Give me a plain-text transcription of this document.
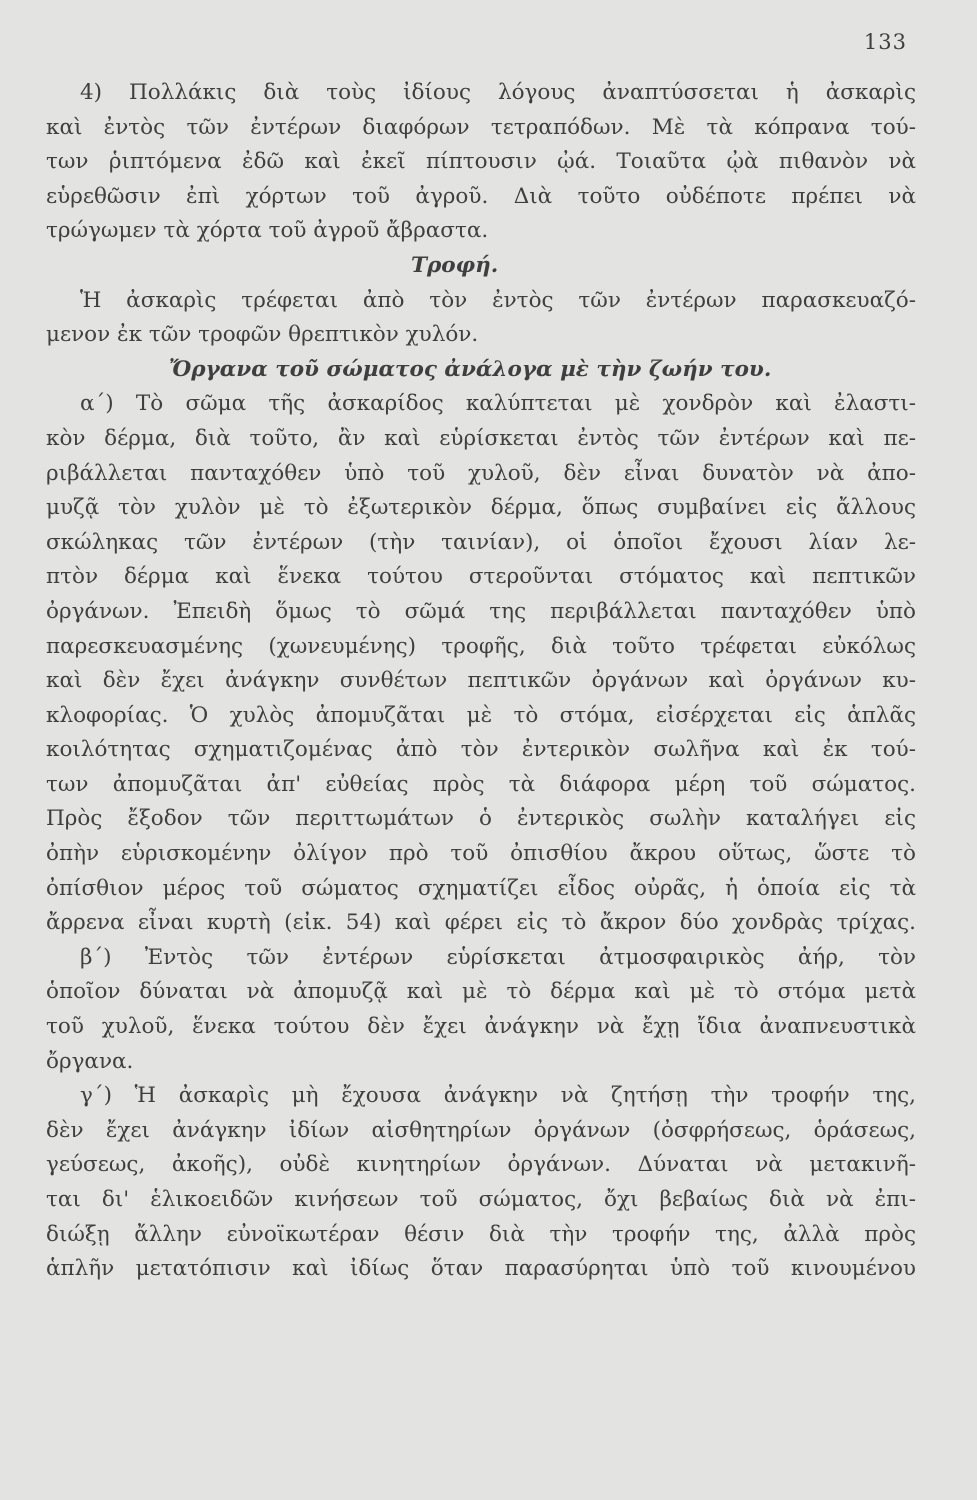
133
4) Πολλάκις διὰ τοὺς ἰδίους λόγους ἀναπτύσσεται ἡ ἀσκαρὶς
καὶ ἐντὸς τῶν ἐντέρων διαφόρων τετραπόδων. Μὲ τὰ κόπρανα τού-
των ῥιπτόμενα ἐδῶ καὶ ἐκεῖ πίπτουσιν ᾠά. Τοιαῦτα ᾠὰ πιθανὸν νὰ
εὑρεθῶσιν ἐπὶ χόρτων τοῦ ἀγροῦ. Διὰ τοῦτο οὐδέποτε πρέπει νὰ
τρώγωμεν τὰ χόρτα τοῦ ἀγροῦ ἄβραστα.
Τροφή.
Ἡ ἀσκαρὶς τρέφεται ἀπὸ τὸν ἐντὸς τῶν ἐντέρων παρασκευαζό-
μενον ἐκ τῶν τροφῶν θρεπτικὸν χυλόν.
Ὄργανα τοῦ σώματος ἀνάλογα μὲ τὴν ζωήν του.
α΄) Τὸ σῶμα τῆς ἀσκαρίδος καλύπτεται μὲ χονδρὸν καὶ ἐλαστι-
κὸν δέρμα, διὰ τοῦτο, ἂν καὶ εὑρίσκεται ἐντὸς τῶν ἐντέρων καὶ πε-
ριβάλλεται πανταχόθεν ὑπὸ τοῦ χυλοῦ, δὲν εἶναι δυνατὸν νὰ ἀπο-
μυζᾷ τὸν χυλὸν μὲ τὸ ἐξωτερικὸν δέρμα, ὅπως συμβαίνει εἰς ἄλλους
σκώληκας τῶν ἐντέρων (τὴν ταινίαν), οἱ ὁποῖοι ἔχουσι λίαν λε-
πτὸν δέρμα καὶ ἕνεκα τούτου στεροῦνται στόματος καὶ πεπτικῶν
ὀργάνων. Ἐπειδὴ ὅμως τὸ σῶμά της περιβάλλεται πανταχόθεν ὑπὸ
παρεσκευασμένης (χωνευμένης) τροφῆς, διὰ τοῦτο τρέφεται εὐκόλως
καὶ δὲν ἔχει ἀνάγκην συνθέτων πεπτικῶν ὀργάνων καὶ ὀργάνων κυ-
κλοφορίας. Ὁ χυλὸς ἀπομυζᾶται μὲ τὸ στόμα, εἰσέρχεται εἰς ἁπλᾶς
κοιλότητας σχηματιζομένας ἀπὸ τὸν ἐντερικὸν σωλῆνα καὶ ἐκ τού-
των ἀπομυζᾶται ἀπ' εὐθείας πρὸς τὰ διάφορα μέρη τοῦ σώματος.
Πρὸς ἔξοδον τῶν περιττωμάτων ὁ ἐντερικὸς σωλὴν καταλήγει εἰς
ὀπὴν εὑρισκομένην ὀλίγον πρὸ τοῦ ὀπισθίου ἄκρου οὕτως, ὥστε τὸ
ὀπίσθιον μέρος τοῦ σώματος σχηματίζει εἶδος οὐρᾶς, ἡ ὁποία εἰς τὰ
ἄρρενα εἶναι κυρτὴ (εἰκ. 54) καὶ φέρει εἰς τὸ ἄκρον δύο χονδρὰς τρίχας.
β΄) Ἐντὸς τῶν ἐντέρων εὑρίσκεται ἀτμοσφαιρικὸς ἀήρ, τὸν
ὁποῖον δύναται νὰ ἀπομυζᾷ καὶ μὲ τὸ δέρμα καὶ μὲ τὸ στόμα μετὰ
τοῦ χυλοῦ, ἕνεκα τούτου δὲν ἔχει ἀνάγκην νὰ ἔχῃ ἴδια ἀναπνευστικὰ
ὄργανα.
γ΄) Ἡ ἀσκαρὶς μὴ ἔχουσα ἀνάγκην νὰ ζητήσῃ τὴν τροφήν της,
δὲν ἔχει ἀνάγκην ἰδίων αἰσθητηρίων ὀργάνων (ὀσφρήσεως, ὁράσεως,
γεύσεως, ἀκοῆς), οὐδὲ κινητηρίων ὀργάνων. Δύναται νὰ μετακινῆ-
ται δι' ἑλικοειδῶν κινήσεων τοῦ σώματος, ὄχι βεβαίως διὰ νὰ ἐπι-
διώξῃ ἄλλην εὐνοϊκωτέραν θέσιν διὰ τὴν τροφήν της, ἀλλὰ πρὸς
ἁπλῆν μετατόπισιν καὶ ἰδίως ὅταν παρασύρηται ὑπὸ τοῦ κινουμένου
